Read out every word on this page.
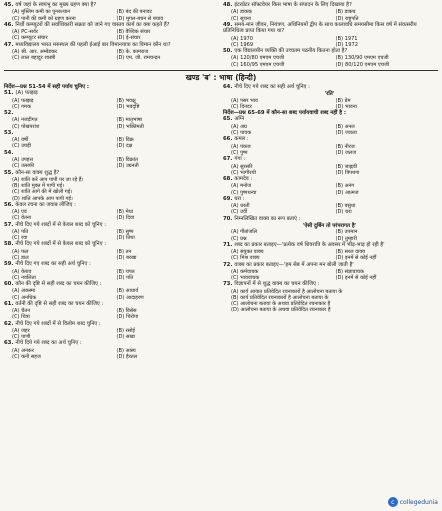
45. वर्ष जहां के स्वयंभू का मुख्य ग्रहण क्या है?
(A) मुस्लिम कमी का पुनरुत्थान	(B) बंद की बनावट
(C) पानी की कमी को ग्रहण करना	(D) मुगल-बचन से बचाव
46. निर्धी कम्प्यूटरों की सर्वाधिकारी सन्नता को जाने गए वास्तव कार्य का क्या कहते हैं?
(A) PC-सर्वर	(B) वैश्विक संचार
(C) कम्प्यूटर संचार	(D) ई-संचार
47. मध्यविद्यालय भारत मरुस्थल की पहली ईआई बार विमानयात्रा का विमान कौन था?
(A) श्री. आर. अम्बेडकर	(B) के. कामराज
(C) लाल बहादुर शास्त्री	(D) एम. जी. रामचन्द्रन
48. इंटरप्रेटर सॉफ़्टवेयर किस भाषा के संपादन के लिए दिखाया है?
(A) डाकक	(B) डाकघ
(C) सूचना	(D) राष्ट्रपति
49. समय-मान जीवन, नियंत्रण, अधिनियमों द्वीप के साथ कालावधि समयसीमा किस वर्ष में संवत्सरीय प्रतिनिधित्व प्राप्त किया गया था?
(A) 1970	(B) 1971
(C) 1969	(D) 1972
50. एक विद्यालयीन व्यक्ति की उच्चतम पठनीय कितना होता है?
(A) 120/80 एमएम एचजी	(B) 130/90 एमएम एचजी
(C) 160/95 एमएम एचजी	(D) 80/120 एमएम एचजी
खण्ड 'ब' : भाषा (हिन्दी)
निर्देश—प्रश्न 51-54 में सही पर्याय चुनिए :
51. (A) पतझड़
(A) पतझड़	(B) भवक्षू
(C) गमक	(D) भवदृष्टि
52.
(A) नजदीगत	(B) मातृभाषा
(C) पोखपरांश	(D) भक्तिमती
53.
(A) वर्षी	(B) विक्र
(C) उघड़ी	(D) दक्ष
54.
(A) उपहत्त	(B) विक्रांत
(C) उत्सफी	(D) उग्रनती
55. कौन-सा वाक्य शुद्ध है?
(A) शांति करें आप पापी पर जा रहे हैं।
(B) शांति मुक्त में पापी गई।
(C) शांति आगे की में खोली गई।
(D) शांति आपके आप पापी गईं।
56. केवल रचना का जवाब लीजिए :
(A) एवं	(B) मेधा
(C) वेतना	(D) दिवा
57. नीचे दिए गये शब्दों में से केवल शब्द को चुनिए :
(A) पति	(B) सुष्प
(C) रवा	(D) तिथा
58. नीचे दिए गये शब्दों में से केवल शब्द को चुनिए :
(A) फल	(B) तन
(C) डाल	(D) बरखा
59. नीचे दिए गए शब्द का सही अर्थ चुनिए :
(A) केशव	(B) चपत
(C) नवलिता	(D) पति
60. कौन की दृष्टि से सही शब्द का चयन कीजिए :
(A) अकस्मा	(B) आधार्य
(C) अनधिक	(D) आदाहरण
61. वर्तनी की दृष्टि से सही शब्द का चयन कीजिए :
(A) चैतन	(B) विसेस
(C) चित्रा	(D) चिरोपा
62. नीचे दिए गये शब्दों में से विलोम शब्द चुनिए :
(A) जहर	(B) रसोई
(C) पाणी	(D) सखा
63. नीचे दिये गये शब्द का अर्थ चुनिए :
(A) अनकर	(B) आस्य
(C) कनी सहज	(D) हैरतल
64. नीचे दिए गये शब्द का सही अर्थ चुनिए :
'रति'
(A) पसर भाव	(B) प्रेम
(C) दिनदर	(D) भावना
निर्देश—प्रश्न 65-69 में कौन-सा शब्द पर्यायवाची शब्द नहीं है :
65. अग्नि
(A) अग्र	(B) अनल
(C) पावक	(D) ज्वाला
66. कमल :
(A) पंकज	(B) नीरज
(C) पुष्प	(D) जलज
67. गंगा :
(A) सुरसरि	(B) जाह्नवी
(C) भागीरथी	(D) त्रिपथगा
68. कामदेव :
(A) मनोज	(B) अनंग
(C) पुष्पधन्वा	(D) आत्मज
69. घरा :
(A) धरती	(B) वसुधा
(C) उर्वी	(D) चरा
70. निम्नलिखित वाक्य का रूप बताएं :
'ऐसी दुर्बिन तो परंपरागत है'
(A) गीतांजलि	(B) उपमान
(C) प्रश्न	(D) तुम्हारी
71. शब्द का प्रकार बताइए—'प्रत्येक वर्ष शिवरात्रि के अवसर में भीड़-भाड़ हो रही है'
(A) संयुक्त वाक्य	(B) सरल वाक्य
(C) मिश्र वाक्य	(D) इनमें से कोई नहीं
72. वाक्य का प्रकार बताइए—'हम सेब में अपना मन बोली जाती है'
(A) कर्मवाचक	(B) संज्ञावाचक
(C) भाववाचक	(D) इनमें से कोई नहीं
73. विज्ञापनों में से शुद्ध वाक्य का चयन कीजिए :
(A) कार्य आयात प्रतिवेदित रचनाकारों है आलोचना बताया के
(B) कार्य प्रतिवेदित रचनाकारों है आलोचना बताया के
(C) आलोचना बताया के अथवा प्रतिवेदित रचनाकार है
(D) आलोचना बताया के अथवा प्रतिवेदित रचनाकार है
c collegedunia
